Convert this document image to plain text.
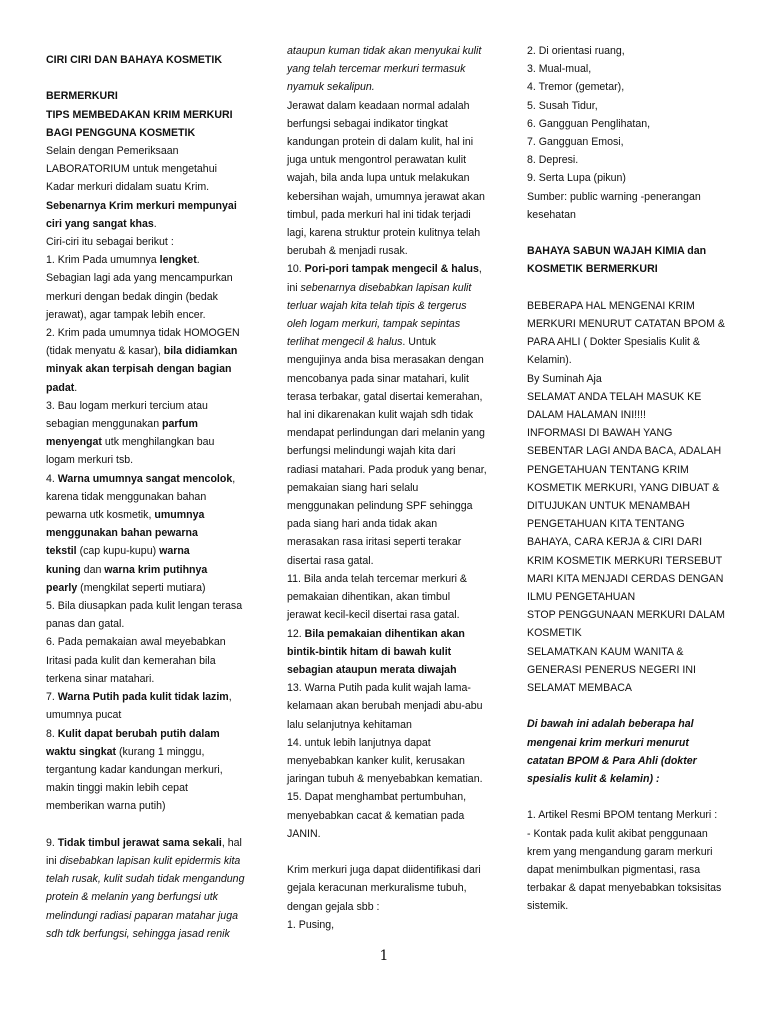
CIRI CIRI DAN BAHAYA KOSMETIK
BERMERKURI
TIPS MEMBEDAKAN KRIM MERKURI
BAGI PENGGUNA KOSMETIK
Selain dengan Pemeriksaan
LABORATORIUM untuk mengetahui
Kadar merkuri didalam suatu Krim.
Sebenarnya Krim merkuri mempunyai
ciri yang sangat khas.
Ciri-ciri itu sebagai berikut :
1. Krim Pada umumnya lengket.
Sebagian lagi ada yang mencampurkan
merkuri dengan bedak dingin (bedak
jerawat), agar tampak lebih encer.
2. Krim pada umumnya tidak HOMOGEN
(tidak menyatu & kasar), bila didiamkan
minyak akan terpisah dengan bagian
padat.
3. Bau logam merkuri tercium atau
sebagian menggunakan parfum
menyengat utk menghilangkan bau
logam merkuri tsb.
4. Warna umumnya sangat mencolok,
karena tidak menggunakan bahan
pewarna utk kosmetik, umumnya
menggunakan bahan pewarna
tekstil (cap kupu-kupu) warna
kuning dan warna krim putihnya
pearly (mengkilat seperti mutiara)
5. Bila diusapkan pada kulit lengan terasa
panas dan gatal.
6. Pada pemakaian awal meyebabkan
Iritasi pada kulit dan kemerahan bila
terkena sinar matahari.
7. Warna Putih pada kulit tidak lazim,
umumnya pucat
8. Kulit dapat berubah putih dalam
waktu singkat (kurang 1 minggu,
tergantung kadar kandungan merkuri,
makin tinggi makin lebih cepat
memberikan warna putih)
9. Tidak timbul jerawat sama sekali, hal
ini disebabkan lapisan kulit epidermis kita
telah rusak, kulit sudah tidak mengandung
protein & melanin yang berfungsi utk
melindungi radiasi paparan matahar juga
sdh tdk berfungsi, sehingga jasad renik
ataupun kuman tidak akan menyukai kulit
yang telah tercemar merkuri termasuk
nyamuk sekalipun.
Jerawat dalam keadaan normal adalah
berfungsi sebagai indikator tingkat
kandungan protein di dalam kulit, hal ini
juga untuk mengontrol perawatan kulit
wajah, bila anda lupa untuk melakukan
kebersihan wajah, umumnya jerawat akan
timbul, pada merkuri hal ini tidak terjadi
lagi, karena struktur protein kulitnya telah
berubah & menjadi rusak.
10. Pori-pori tampak mengecil & halus,
ini sebenarnya disebabkan lapisan kulit
terluar wajah kita telah tipis & tergerus
oleh logam merkuri, tampak sepintas
terlihat mengecil & halus. Untuk
mengujinya anda bisa merasakan dengan
mencobanya pada sinar matahari, kulit
terasa terbakar, gatal disertai kemerahan,
hal ini dikarenakan kulit wajah sdh tidak
mendapat perlindungan dari melanin yang
berfungsi melindungi wajah kita dari
radiasi matahari. Pada produk yang benar,
pemakaian siang hari selalu
menggunakan pelindung SPF sehingga
pada siang hari anda tidak akan
merasakan rasa iritasi seperti terakar
disertai rasa gatal.
11. Bila anda telah tercemar merkuri &
pemakaian dihentikan, akan timbul
jerawat kecil-kecil disertai rasa gatal.
12. Bila pemakaian dihentikan akan
bintik-bintik hitam di bawah kulit
sebagian ataupun merata diwajah
13. Warna Putih pada kulit wajah lama-
kelamaan akan berubah menjadi abu-abu
lalu selanjutnya kehitaman
14. untuk lebih lanjutnya dapat
menyebabkan kanker kulit, kerusakan
jaringan tubuh & menyebabkan kematian.
15. Dapat menghambat pertumbuhan,
menyebabkan cacat & kematian pada
JANIN.
Krim merkuri juga dapat diidentifikasi dari
gejala keracunan merkuralisme tubuh,
dengan gejala sbb :
1. Pusing,
2. Di orientasi ruang,
3. Mual-mual,
4. Tremor (gemetar),
5. Susah Tidur,
6. Gangguan Penglihatan,
7. Gangguan Emosi,
8. Depresi.
9. Serta Lupa (pikun)
Sumber: public warning -penerangan
kesehatan
BAHAYA SABUN WAJAH KIMIA dan
KOSMETIK BERMERKURI
BEBERAPA HAL MENGENAI KRIM
MERKURI MENURUT CATATAN BPOM &
PARA AHLI ( Dokter Spesialis Kulit &
Kelamin).
By Suminah Aja
SELAMAT ANDA TELAH MASUK KE
DALAM HALAMAN INI!!!!
INFORMASI DI BAWAH YANG
SEBENTAR LAGI ANDA BACA, ADALAH
PENGETAHUAN TENTANG KRIM
KOSMETIK MERKURI, YANG DIBUAT &
DITUJUKAN UNTUK MENAMBAH
PENGETAHUAN KITA TENTANG
BAHAYA, CARA KERJA & CIRI DARI
KRIM KOSMETIK MERKURI TERSEBUT
MARI KITA MENJADI CERDAS DENGAN
ILMU PENGETAHUAN
STOP PENGGUNAAN MERKURI DALAM
KOSMETIK
SELAMATKAN KAUM WANITA &
GENERASI PENERUS NEGERI INI
SELAMAT MEMBACA
Di bawah ini adalah beberapa hal
mengenai krim merkuri menurut
catatan BPOM & Para Ahli (dokter
spesialis kulit & kelamin) :
1. Artikel Resmi BPOM tentang Merkuri :
- Kontak pada kulit akibat penggunaan
krem yang mengandung garam merkuri
dapat menimbulkan pigmentasi, rasa
terbakar & dapat menyebabkan toksisitas
sistemik.
1
